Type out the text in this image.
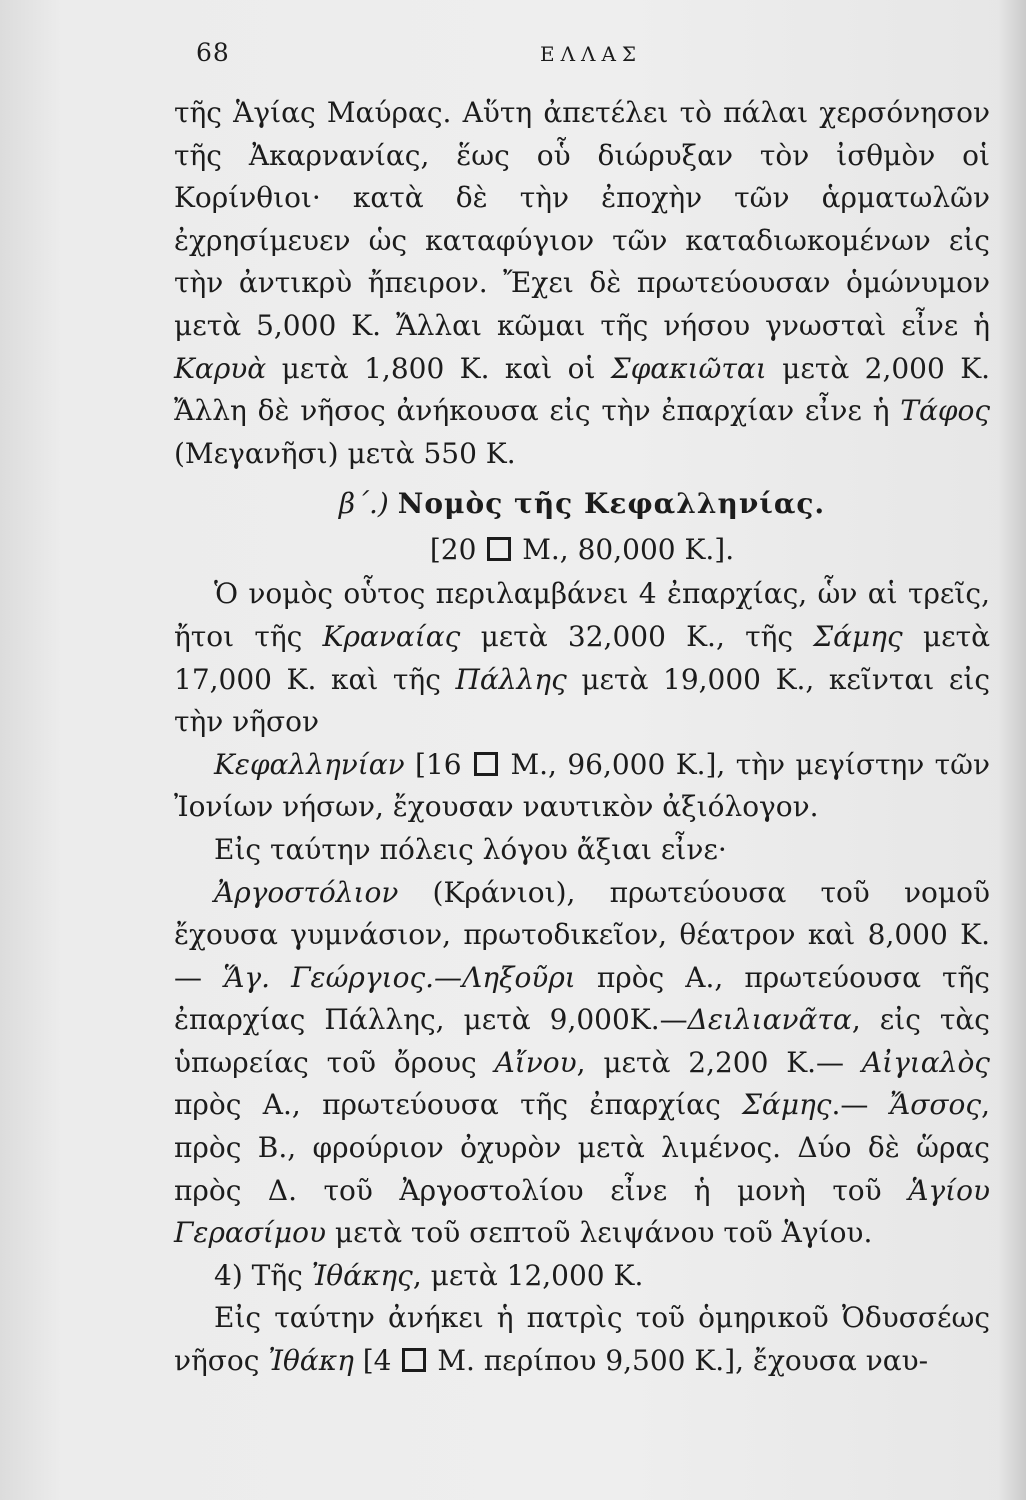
68	ΕΛΛΑΣ

τῆς Ἁγίας Μαύρας. Αὕτη ἀπετέλει τὸ πάλαι χερσόνησον τῆς Ἀκαρνανίας, ἕως οὗ διώρυξαν τὸν ἰσθμὸν οἱ Κορίνθιοι· κατὰ δὲ τὴν ἐποχὴν τῶν ἁρματωλῶν ἐχρησίμευεν ὡς καταφύγιον τῶν καταδιωκομένων εἰς τὴν ἀντικρὺ ἤπειρον. Ἔχει δὲ πρωτεύουσαν ὁμώνυμον μετὰ 5,000 Κ. Ἄλλαι κῶμαι τῆς νήσου γνωσταὶ εἶνε ἡ Καρυὰ μετὰ 1,800 Κ. καὶ οἱ Σφακιῶται μετὰ 2,000 Κ. Ἄλλη δὲ νῆσος ἀνήκουσα εἰς τὴν ἐπαρχίαν εἶνε ἡ Τάφος (Μεγανῆσι) μετὰ 550 Κ.

β΄.) Νομὸς τῆς Κεφαλληνίας.
[20 Μ., 80,000 Κ.].

Ὁ νομὸς οὗτος περιλαμβάνει 4 ἐπαρχίας, ὧν αἱ τρεῖς, ἤτοι τῆς Κραναίας μετὰ 32,000 Κ., τῆς Σάμης μετὰ 17,000 Κ. καὶ τῆς Πάλλης μετὰ 19,000 Κ., κεῖνται εἰς τὴν νῆσον

Κεφαλληνίαν [16 Μ., 96,000 Κ.], τὴν μεγίστην τῶν Ἰονίων νήσων, ἔχουσαν ναυτικὸν ἀξιόλογον.

Εἰς ταύτην πόλεις λόγου ἄξιαι εἶνε·

Ἀργοστόλιον (Κράνιοι), πρωτεύουσα τοῦ νομοῦ ἔχουσα γυμνάσιον, πρωτοδικεῖον, θέατρον καὶ 8,000 Κ.— Ἅγ. Γεώργιος.—Ληξοῦρι πρὸς Α., πρωτεύουσα τῆς ἐπαρχίας Πάλλης, μετὰ 9,000Κ.—Δειλιανᾶτα, εἰς τὰς ὑπωρείας τοῦ ὄρους Αἴνου, μετὰ 2,200 Κ.— Αἰγιαλὸς πρὸς Α., πρωτεύουσα τῆς ἐπαρχίας Σάμης.— Ἄσσος, πρὸς Β., φρούριον ὀχυρὸν μετὰ λιμένος. Δύο δὲ ὥρας πρὸς Δ. τοῦ Ἀργοστολίου εἶνε ἡ μονὴ τοῦ Ἁγίου Γερασίμου μετὰ τοῦ σεπτοῦ λειψάνου τοῦ Ἁγίου.

4) Τῆς Ἰθάκης, μετὰ 12,000 Κ.

Εἰς ταύτην ἀνήκει ἡ πατρὶς τοῦ ὁμηρικοῦ Ὀδυσσέως νῆσος Ἰθάκη [4 Μ. περίπου 9,500 Κ.], ἔχουσα ναυ-
